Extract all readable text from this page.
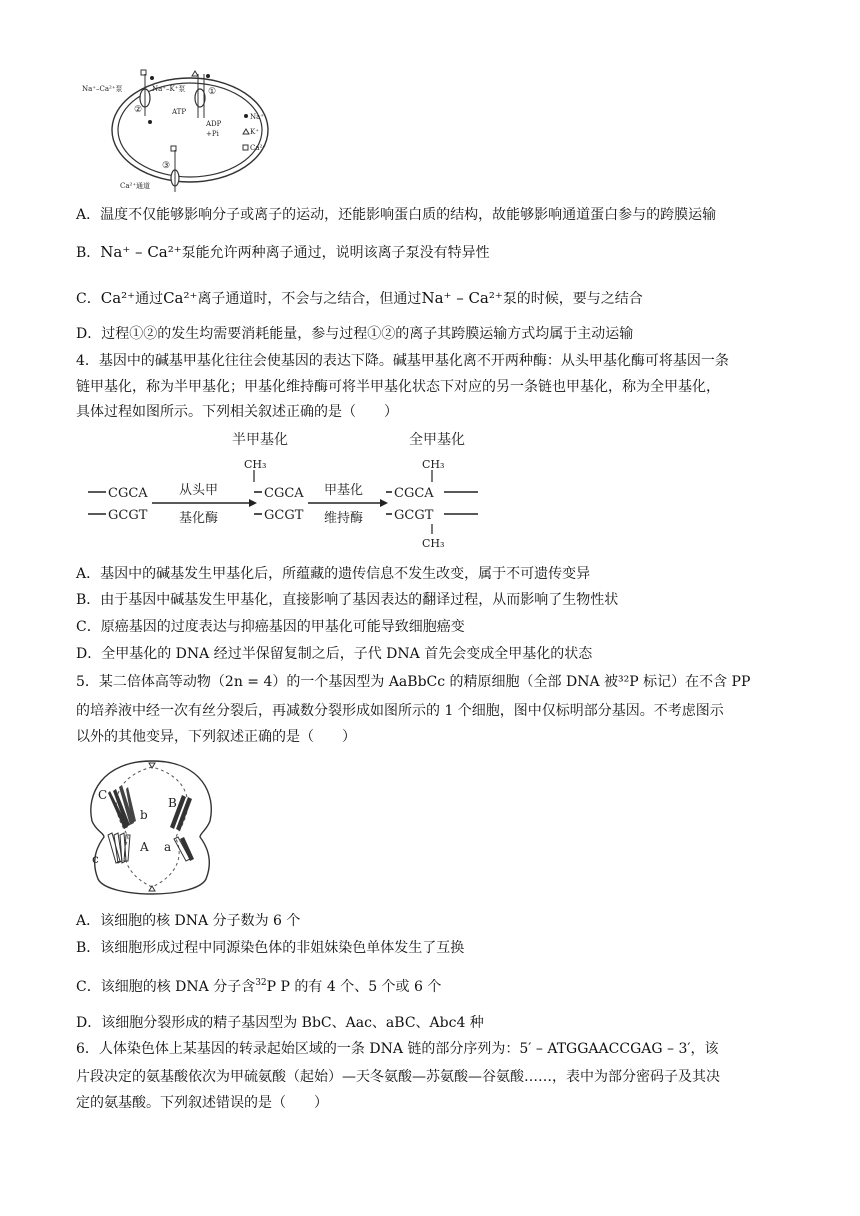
Na⁺–Ca²⁺泵	Na⁺–K⁺泵
ATP
ADP
+Pi
Ca²⁺通道
①
②
③
Na⁺
K⁺
Ca²⁺
A．温度不仅能够影响分子或离子的运动，还能影响蛋白质的结构，故能够影响通道蛋白参与的跨膜运输
B．Na⁺ – Ca²⁺泵能允许两种离子通过，说明该离子泵没有特异性
C．Ca²⁺通过Ca²⁺离子通道时，不会与之结合，但通过Na⁺ – Ca²⁺泵的时候，要与之结合
D．过程①②的发生均需要消耗能量，参与过程①②的离子其跨膜运输方式均属于主动运输
4．基因中的碱基甲基化往往会使基因的表达下降。碱基甲基化离不开两种酶：从头甲基化酶可将基因一条
链甲基化，称为半甲基化；甲基化维持酶可将半甲基化状态下对应的另一条链也甲基化，称为全甲基化，
具体过程如图所示。下列相关叙述正确的是（　　）
半甲基化	全甲基化
CGCA
GCGT
从头甲
基化酶
CH₃
CGCA
GCGT
甲基化
维持酶
CH₃
CGCA
GCGT
CH₃
A．基因中的碱基发生甲基化后，所蕴藏的遗传信息不发生改变，属于不可遗传变异
B．由于基因中碱基发生甲基化，直接影响了基因表达的翻译过程，从而影响了生物性状
C．原癌基因的过度表达与抑癌基因的甲基化可能导致细胞癌变
D．全甲基化的 DNA 经过半保留复制之后，子代 DNA 首先会变成全甲基化的状态
5．某二倍体高等动物（2n = 4）的一个基因型为 AaBbCc 的精原细胞（全部 DNA 被³²P 标记）在不含 PP
的培养液中经一次有丝分裂后，再减数分裂形成如图所示的 1 个细胞，图中仅标明部分基因。不考虑图示
以外的其他变异，下列叙述正确的是（　　）
C
b
B
A a
c
A．该细胞的核 DNA 分子数为 6 个
B．该细胞形成过程中同源染色体的非姐妹染色单体发生了互换
C．该细胞的核 DNA 分子含$^{32}$P P 的有 4 个、5 个或 6 个
D．该细胞分裂形成的精子基因型为 BbC、Aac、aBC、Abc4 种
6．人体染色体上某基因的转录起始区域的一条 DNA 链的部分序列为：5′ – ATGGAACCGAG – 3′，该
片段决定的氨基酸依次为甲硫氨酸（起始）—天冬氨酸—苏氨酸—谷氨酸……，表中为部分密码子及其决
定的氨基酸。下列叙述错误的是（　　）
